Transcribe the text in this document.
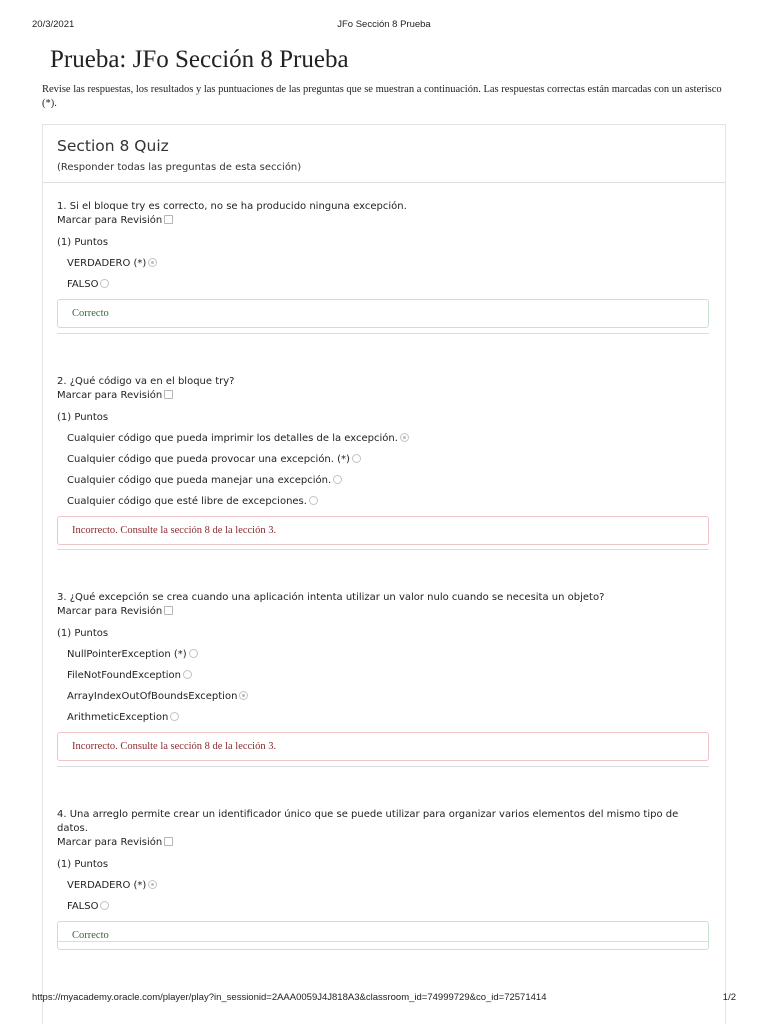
20/3/2021	JFo Sección 8 Prueba
Prueba: JFo Sección 8 Prueba

Revise las respuestas, los resultados y las puntuaciones de las preguntas que se muestran a continuación. Las respuestas correctas están marcadas con un asterisco (*).

Section 8 Quiz
(Responder todas las preguntas de esta sección)
1. Si el bloque try es correcto, no se ha producido ninguna excepción.
Marcar para Revisión
(1) Puntos
VERDADERO (*)
FALSO
Correcto
2. ¿Qué código va en el bloque try?
Marcar para Revisión
(1) Puntos
Cualquier código que pueda imprimir los detalles de la excepción.
Cualquier código que pueda provocar una excepción. (*)
Cualquier código que pueda manejar una excepción.
Cualquier código que esté libre de excepciones.
Incorrecto. Consulte la sección 8 de la lección 3.
3. ¿Qué excepción se crea cuando una aplicación intenta utilizar un valor nulo cuando se necesita un objeto?
Marcar para Revisión
(1) Puntos
NullPointerException (*)
FileNotFoundException
ArrayIndexOutOfBoundsException
ArithmeticException
Incorrecto. Consulte la sección 8 de la lección 3.
4. Una arreglo permite crear un identificador único que se puede utilizar para organizar varios elementos del mismo tipo de datos.
Marcar para Revisión
(1) Puntos
VERDADERO (*)
FALSO
Correcto
https://myacademy.oracle.com/player/play?in_sessionid=2AAA0059J4J818A3&classroom_id=74999729&co_id=72571414	1/2
